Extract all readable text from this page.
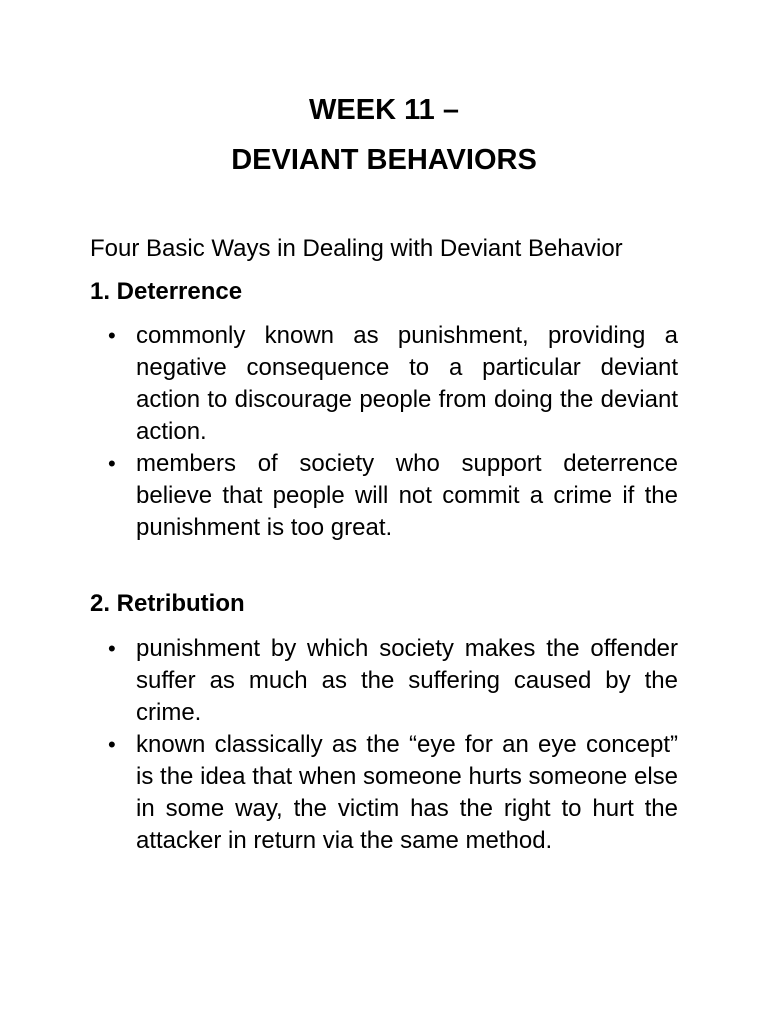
WEEK 11 –
DEVIANT BEHAVIORS

Four Basic Ways in Dealing with Deviant Behavior

1. Deterrence
• commonly known as punishment, providing a negative consequence to a particular deviant action to discourage people from doing the deviant action.
• members of society who support deterrence believe that people will not commit a crime if the punishment is too great.
2. Retribution
• punishment by which society makes the offender suffer as much as the suffering caused by the crime.
• known classically as the “eye for an eye concept” is the idea that when someone hurts someone else in some way, the victim has the right to hurt the attacker in return via the same method.
